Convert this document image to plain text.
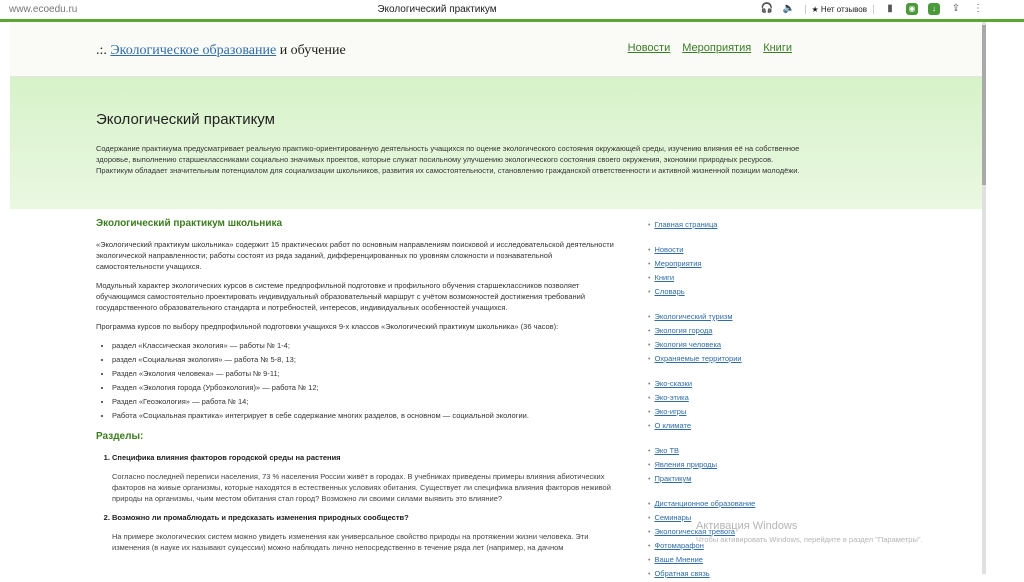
www.ecoedu.ru	Экологический практикум	🎧 🔈	★ Нет отзывов	▮	◉	↓	⇪ ⋮
.:. Экологическое образование и обучение	Новости Мероприятия Книги
Экологический практикум

Содержание практикума предусматривает реальную практико-ориентированную деятельность учащихся по оценке экологического состояния окружающей среды, изучению влияния её на собственное здоровье, выполнению старшеклассниками социально значимых проектов, которые служат посильному улучшению экологического состояния своего окружения, экономии природных ресурсов. Практикум обладает значительным потенциалом для социализации школьников, развития их самостоятельности, становлению гражданской ответственности и активной жизненной позиции молодёжи.

Экологический практикум школьника

«Экологический практикум школьника» содержит 15 практических работ по основным направлениям поисковой и исследовательской деятельности экологической направленности; работы состоят из ряда заданий, дифференцированных по уровням сложности и познавательной самостоятельности учащихся.

Модульный характер экологических курсов в системе предпрофильной подготовке и профильного обучения старшеклассников позволяет обучающимся самостоятельно проектировать индивидуальный образовательный маршрут с учётом возможностей достижения требований государственного образовательного стандарта и потребностей, интересов, индивидуальных особенностей учащихся.

Программа курсов по выбору предпрофильной подготовки учащихся 9-х классов «Экологический практикум школьника» (36 часов):

• раздел «Классическая экология» — работы № 1-4;
• раздел «Социальная экология» — работа № 5-8, 13;
• Раздел «Экология человека» — работы № 9-11;
• Раздел «Экология города (Урбоэкология)» — работа № 12;
• Раздел «Геоэкология» — работа № 14;
• Работа «Социальная практика» интегрирует в себе содержание многих разделов, в основном — социальной экологии.
Разделы:
1. Специфика влияния факторов городской среды на растения
Согласно последней переписи населения, 73 % населения России живёт в городах. В учебниках приведены примеры влияния абиотических факторов на живые организмы, которые находятся в естественных условиях обитания. Существует ли специфика влияния факторов неживой природы на организмы, чьим местом обитания стал город? Возможно ли своими силами выявить это влияние?
2. Возможно ли промаблюдать и предсказать изменения природных сообществ?
На примере экологических систем можно увидеть изменения как универсальное свойство природы на протяжении жизни человека. Эти изменения (в науке их называют сукцессии) можно наблюдать лично непосредственно в течение ряда лет (например, на дачном
• Главная страница
• Новости
• Мероприятия
• Книги
• Словарь
• Экологический туризм
• Экология города
• Экология человека
• Охраняемые территории
• Эко-сказки
• Эко-этика
• Эко-игры
• О климате
• Эко ТВ
• Явления природы
• Практикум
• Дистанционное образование
• Семинары
• Экологическая тревога
• Фотомарафон
• Ваше Мнение
• Обратная связь
Активация Windows
Чтобы активировать Windows, перейдите в раздел "Параметры".
